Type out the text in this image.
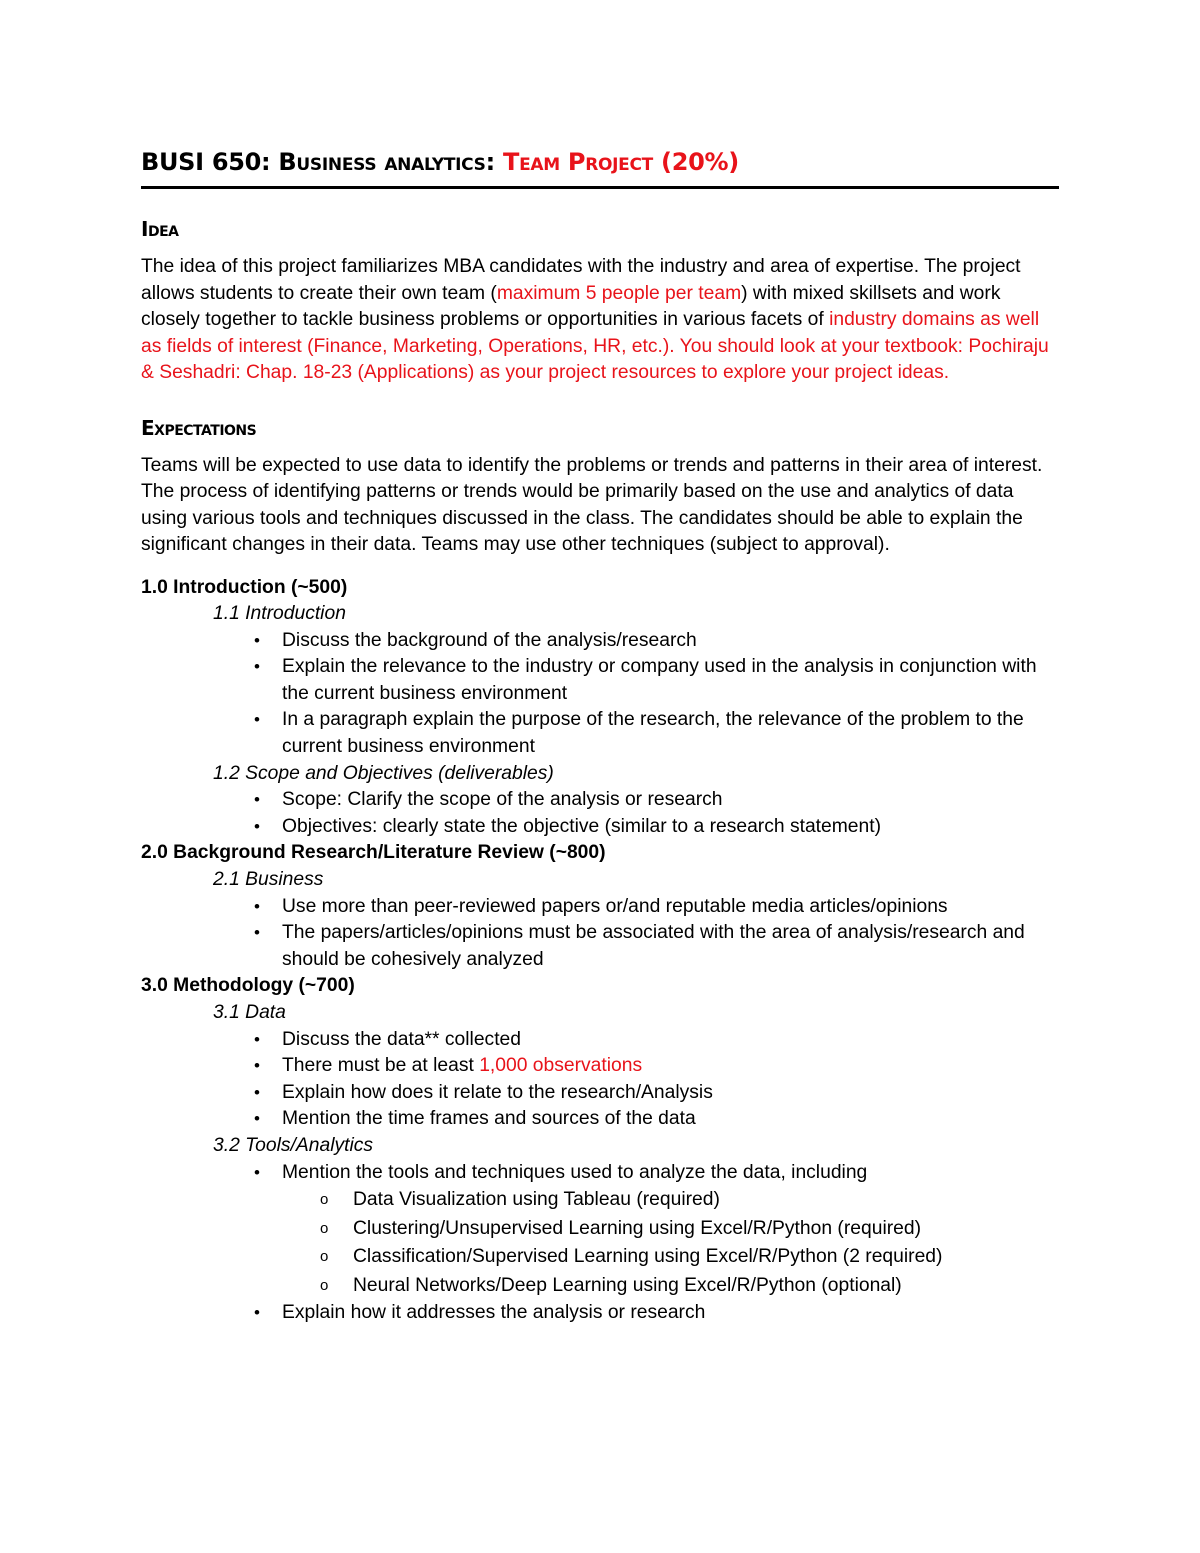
BUSI 650: Business analytics: Team Project (20%)
Idea

The idea of this project familiarizes MBA candidates with the industry and area of expertise. The project allows students to create their own team (maximum 5 people per team) with mixed skillsets and work closely together to tackle business problems or opportunities in various facets of industry domains as well as fields of interest (Finance, Marketing, Operations, HR, etc.). You should look at your textbook: Pochiraju & Seshadri: Chap. 18-23 (Applications) as your project resources to explore your project ideas.

Expectations

Teams will be expected to use data to identify the problems or trends and patterns in their area of interest. The process of identifying patterns or trends would be primarily based on the use and analytics of data using various tools and techniques discussed in the class. The candidates should be able to explain the significant changes in their data. Teams may use other techniques (subject to approval).

1.0 Introduction (~500)
1.1 Introduction
• Discuss the background of the analysis/research
• Explain the relevance to the industry or company used in the analysis in conjunction with the current business environment
• In a paragraph explain the purpose of the research, the relevance of the problem to the current business environment
1.2 Scope and Objectives (deliverables)
• Scope: Clarify the scope of the analysis or research
• Objectives: clearly state the objective (similar to a research statement)
2.0 Background Research/Literature Review (~800)
2.1 Business
• Use more than peer-reviewed papers or/and reputable media articles/opinions
• The papers/articles/opinions must be associated with the area of analysis/research and should be cohesively analyzed
3.0 Methodology (~700)
3.1 Data
• Discuss the data** collected
• There must be at least 1,000 observations
• Explain how does it relate to the research/Analysis
• Mention the time frames and sources of the data
3.2 Tools/Analytics
• Mention the tools and techniques used to analyze the data, including
o Data Visualization using Tableau (required)
o Clustering/Unsupervised Learning using Excel/R/Python (required)
o Classification/Supervised Learning using Excel/R/Python (2 required)
o Neural Networks/Deep Learning using Excel/R/Python (optional)
• Explain how it addresses the analysis or research
